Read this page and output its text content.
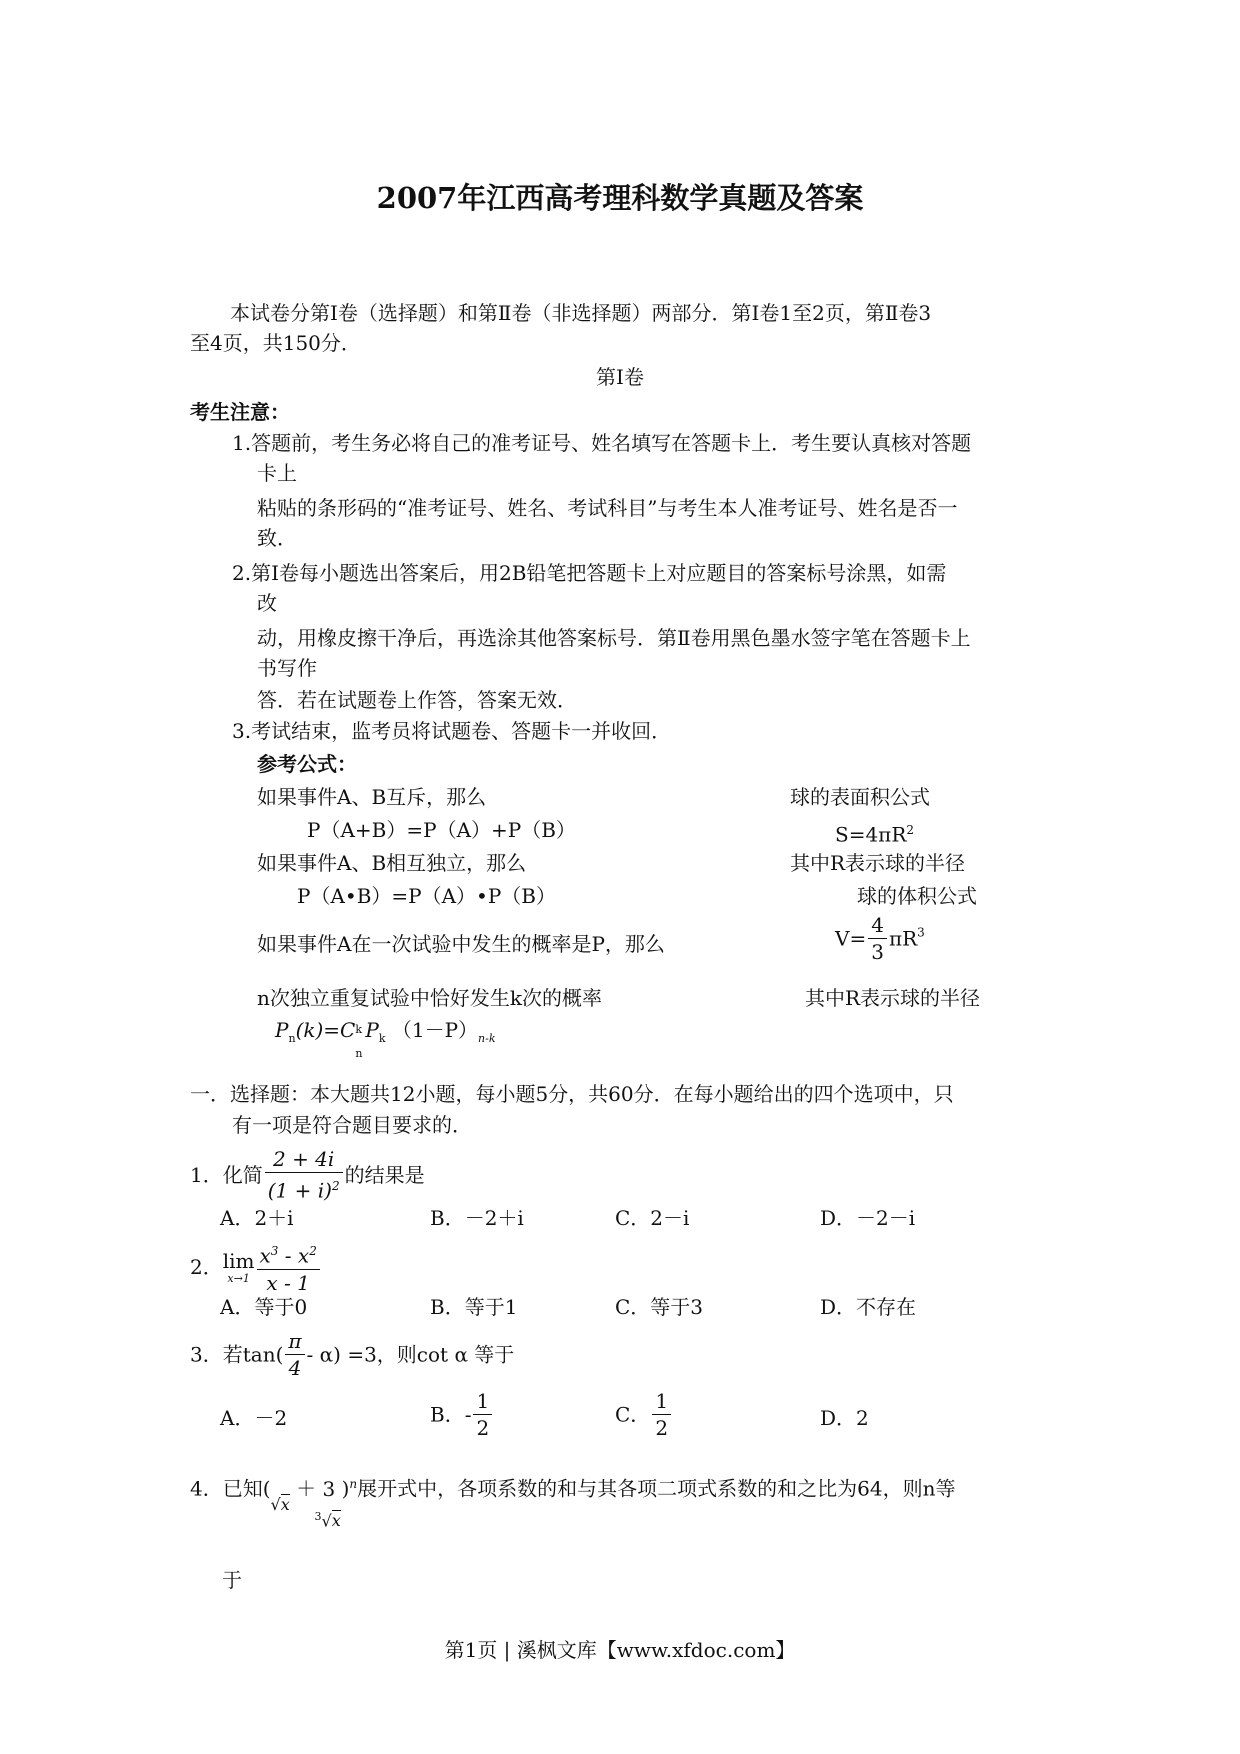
2007年江西高考理科数学真题及答案
本试卷分第Ⅰ卷（选择题）和第Ⅱ卷（非选择题）两部分．第Ⅰ卷1至2页，第Ⅱ卷3
至4页，共150分．
第Ⅰ卷
考生注意：
1.答题前，考生务必将自己的准考证号、姓名填写在答题卡上．考生要认真核对答题
卡上
粘贴的条形码的“准考证号、姓名、考试科目”与考生本人准考证号、姓名是否一
致．
2.第Ⅰ卷每小题选出答案后，用2B铅笔把答题卡上对应题目的答案标号涂黑，如需
改
动，用橡皮擦干净后，再选涂其他答案标号．第Ⅱ卷用黑色墨水签字笔在答题卡上
书写作
答．若在试题卷上作答，答案无效．
3.考试结束，监考员将试题卷、答题卡一并收回．
参考公式：
如果事件A、B互斥，那么
P（A+B）=P（A）+P（B）
如果事件A、B相互独立，那么
P（A•B）=P（A）•P（B）
如果事件A在一次试验中发生的概率是P，那么
n次独立重复试验中恰好发生k次的概率
$P_n(k)=C$ k
n
$P_k$ $(1-P)_{n-k}$
球的表面积公式
$S=4\pi R^2$
其中R表示球的半径
球的体积公式
$V= \frac{4}{3} \pi R^3$
其中R表示球的半径
一．选择题：本大题共12小题，每小题5分，共60分．在每小题给出的四个选项中，只
有一项是符合题目要求的．
1．化简 $\frac{2 + 4i}{(1 + i)^2}$ 的结果是
A．2＋i	B．－2＋i	C．2－i	D．－2－i
2． lim
$x\to 1 \frac{x^3 - x^2}{x - 1}$
A．等于0	B．等于1	C．等于3	D．不存在
3．若$\tan( \frac{\pi}{4} - \alpha) =3$，则cot α 等于
A．－2	B．- $\frac{1}{2}$	C． $\frac{1}{2}$	D．2
4．已知(√x ＋ 3
$^3$√x
)$^n$展开式中，各项系数的和与其各项二项式系数的和之比为64，则n等
于
第1页 | 溪枫文库【www.xfdoc.com】
